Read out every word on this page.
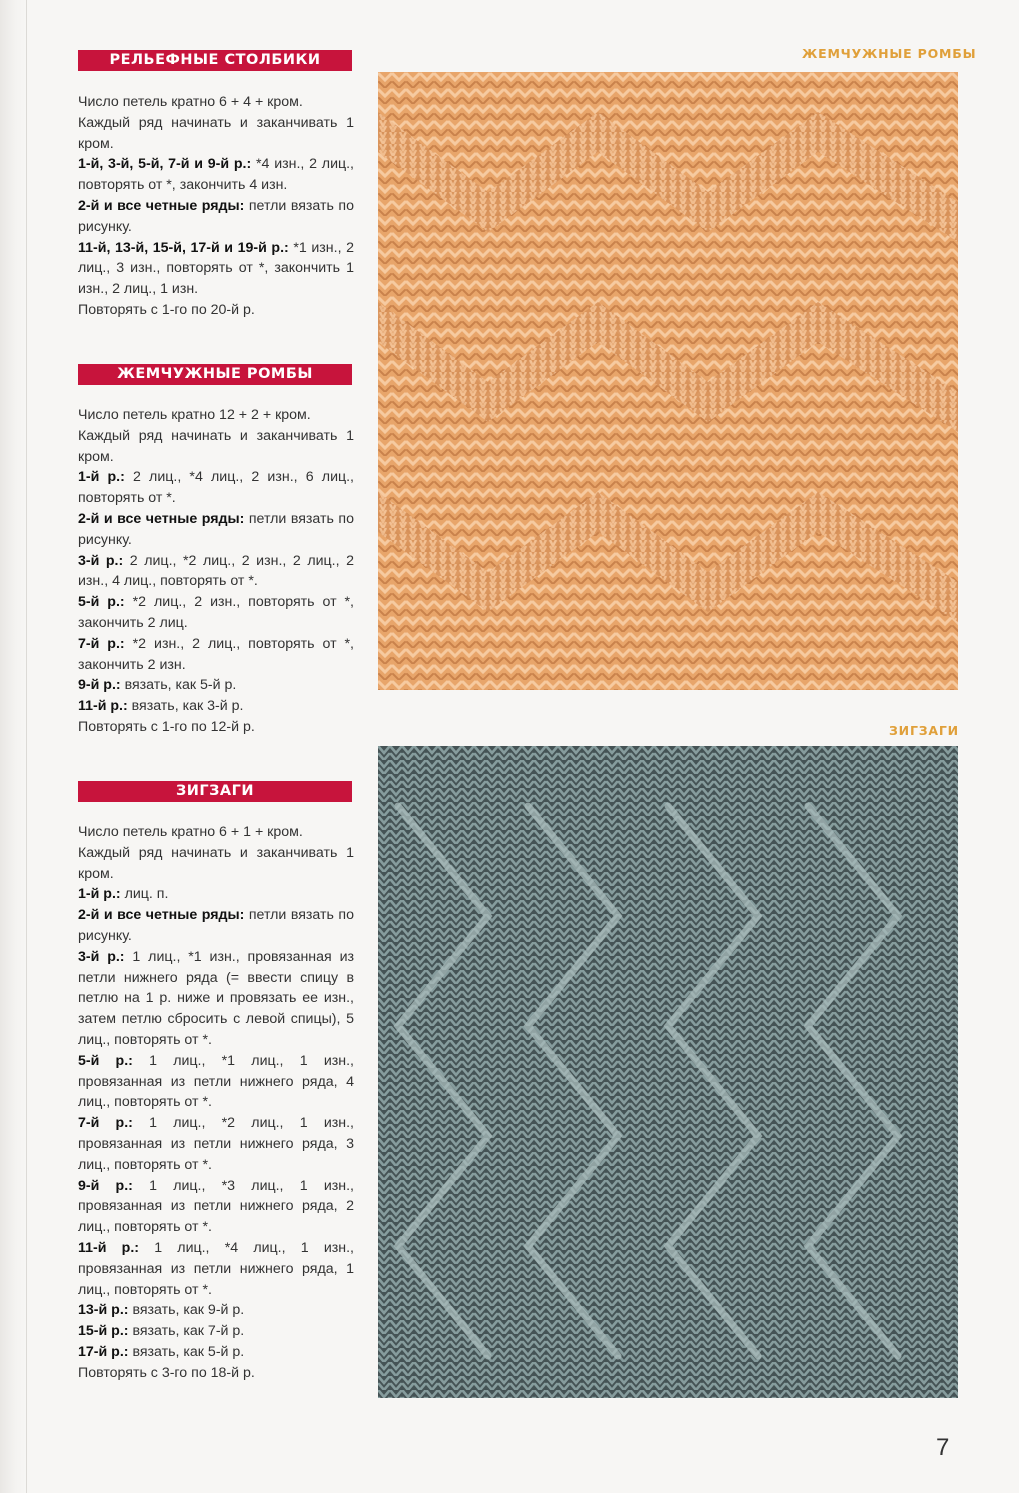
РЕЛЬЕФНЫЕ СТОЛБИКИ

Число петель кратно 6 + 4 + кром.

Каждый ряд начинать и заканчивать 1 кром.

1-й, 3-й, 5-й, 7-й и 9-й р.: *4 изн., 2 лиц., повторять от *, закончить 4 изн.

2-й и все четные ряды: петли вязать по рисунку.

11-й, 13-й, 15-й, 17-й и 19-й р.: *1 изн., 2 лиц., 3 изн., повторять от *, закончить 1 изн., 2 лиц., 1 изн.

Повторять с 1-го по 20-й р.

ЖЕМЧУЖНЫЕ РОМБЫ

Число петель кратно 12 + 2 + кром.

Каждый ряд начинать и заканчивать 1 кром.

1-й р.: 2 лиц., *4 лиц., 2 изн., 6 лиц., повторять от *.

2-й и все четные ряды: петли вязать по рисунку.

3-й р.: 2 лиц., *2 лиц., 2 изн., 2 лиц., 2 изн., 4 лиц., повторять от *.

5-й р.: *2 лиц., 2 изн., повторять от *, закончить 2 лиц.

7-й р.: *2 изн., 2 лиц., повторять от *, закончить 2 изн.

9-й р.: вязать, как 5-й р.

11-й р.: вязать, как 3-й р.

Повторять с 1-го по 12-й р.

ЗИГЗАГИ

Число петель кратно 6 + 1 + кром.

Каждый ряд начинать и заканчивать 1 кром.

1-й р.: лиц. п.

2-й и все четные ряды: петли вязать по рисунку.

3-й р.: 1 лиц., *1 изн., провязанная из петли нижнего ряда (= ввести спицу в петлю на 1 р. ниже и провязать ее изн., затем петлю сбросить с левой спицы), 5 лиц., повторять от *.

5-й р.: 1 лиц., *1 лиц., 1 изн., провязанная из петли нижнего ряда, 4 лиц., повторять от *.

7-й р.: 1 лиц., *2 лиц., 1 изн., провязанная из петли нижнего ряда, 3 лиц., повторять от *.

9-й р.: 1 лиц., *3 лиц., 1 изн., провязанная из петли нижнего ряда, 2 лиц., повторять от *.

11-й р.: 1 лиц., *4 лиц., 1 изн., провязанная из петли нижнего ряда, 1 лиц., повторять от *.

13-й р.: вязать, как 9-й р.

15-й р.: вязать, как 7-й р.

17-й р.: вязать, как 5-й р.

Повторять с 3-го по 18-й р.

ЖЕМЧУЖНЫЕ РОМБЫ
ЗИГЗАГИ
7
